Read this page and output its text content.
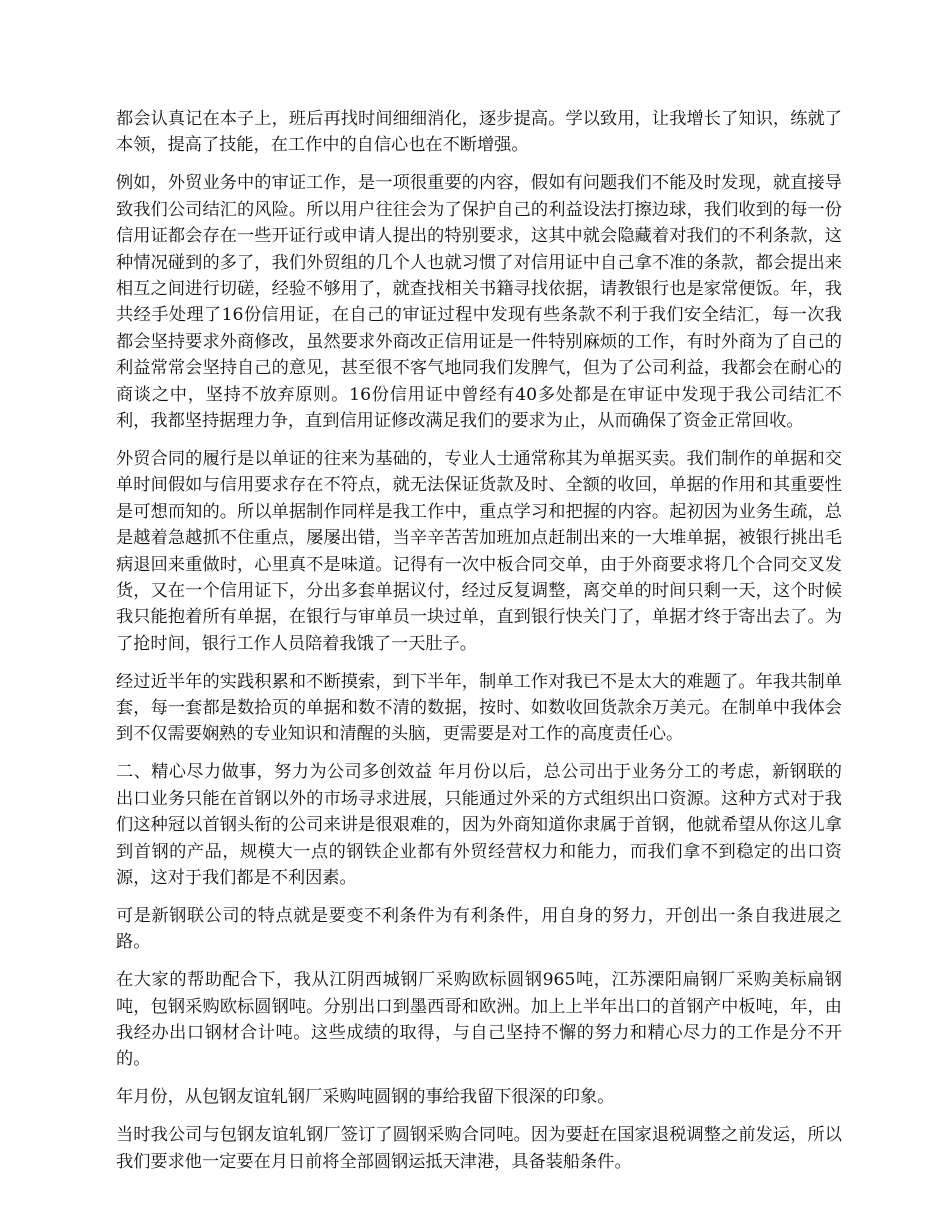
都会认真记在本子上，班后再找时间细细消化，逐步提高。学以致用，让我增长了知识，练就了本领，提高了技能，在工作中的自信心也在不断增强。

例如，外贸业务中的审证工作，是一项很重要的内容，假如有问题我们不能及时发现，就直接导致我们公司结汇的风险。所以用户往往会为了保护自己的利益设法打擦边球，我们收到的每一份信用证都会存在一些开证行或申请人提出的特别要求，这其中就会隐藏着对我们的不利条款，这种情况碰到的多了，我们外贸组的几个人也就习惯了对信用证中自己拿不准的条款，都会提出来相互之间进行切磋，经验不够用了，就查找相关书籍寻找依据，请教银行也是家常便饭。年，我共经手处理了16份信用证，在自己的审证过程中发现有些条款不利于我们安全结汇，每一次我都会坚持要求外商修改，虽然要求外商改正信用证是一件特别麻烦的工作，有时外商为了自己的利益常常会坚持自己的意见，甚至很不客气地同我们发脾气，但为了公司利益，我都会在耐心的商谈之中，坚持不放弃原则。16份信用证中曾经有40多处都是在审证中发现于我公司结汇不利，我都坚持据理力争，直到信用证修改满足我们的要求为止，从而确保了资金正常回收。

外贸合同的履行是以单证的往来为基础的，专业人士通常称其为单据买卖。我们制作的单据和交单时间假如与信用要求存在不符点，就无法保证货款及时、全额的收回，单据的作用和其重要性是可想而知的。所以单据制作同样是我工作中，重点学习和把握的内容。起初因为业务生疏，总是越着急越抓不住重点，屡屡出错，当辛辛苦苦加班加点赶制出来的一大堆单据，被银行挑出毛病退回来重做时，心里真不是味道。记得有一次中板合同交单，由于外商要求将几个合同交叉发货，又在一个信用证下，分出多套单据议付，经过反复调整，离交单的时间只剩一天，这个时候我只能抱着所有单据，在银行与审单员一块过单，直到银行快关门了，单据才终于寄出去了。为了抢时间，银行工作人员陪着我饿了一天肚子。

经过近半年的实践积累和不断摸索，到下半年，制单工作对我已不是太大的难题了。年我共制单套，每一套都是数拾页的单据和数不清的数据，按时、如数收回货款余万美元。在制单中我体会到不仅需要娴熟的专业知识和清醒的头脑，更需要是对工作的高度责任心。

二、精心尽力做事，努力为公司多创效益 年月份以后，总公司出于业务分工的考虑，新钢联的出口业务只能在首钢以外的市场寻求进展，只能通过外采的方式组织出口资源。这种方式对于我们这种冠以首钢头衔的公司来讲是很艰难的，因为外商知道你隶属于首钢，他就希望从你这儿拿到首钢的产品，规模大一点的钢铁企业都有外贸经营权力和能力，而我们拿不到稳定的出口资源，这对于我们都是不利因素。

可是新钢联公司的特点就是要变不利条件为有利条件，用自身的努力，开创出一条自我进展之路。

在大家的帮助配合下，我从江阴西城钢厂采购欧标圆钢965吨，江苏溧阳扁钢厂采购美标扁钢吨，包钢采购欧标圆钢吨。分别出口到墨西哥和欧洲。加上上半年出口的首钢产中板吨，年，由我经办出口钢材合计吨。这些成绩的取得，与自己坚持不懈的努力和精心尽力的工作是分不开的。

年月份，从包钢友谊轧钢厂采购吨圆钢的事给我留下很深的印象。

当时我公司与包钢友谊轧钢厂签订了圆钢采购合同吨。因为要赶在国家退税调整之前发运，所以我们要求他一定要在月日前将全部圆钢运抵天津港，具备装船条件。
